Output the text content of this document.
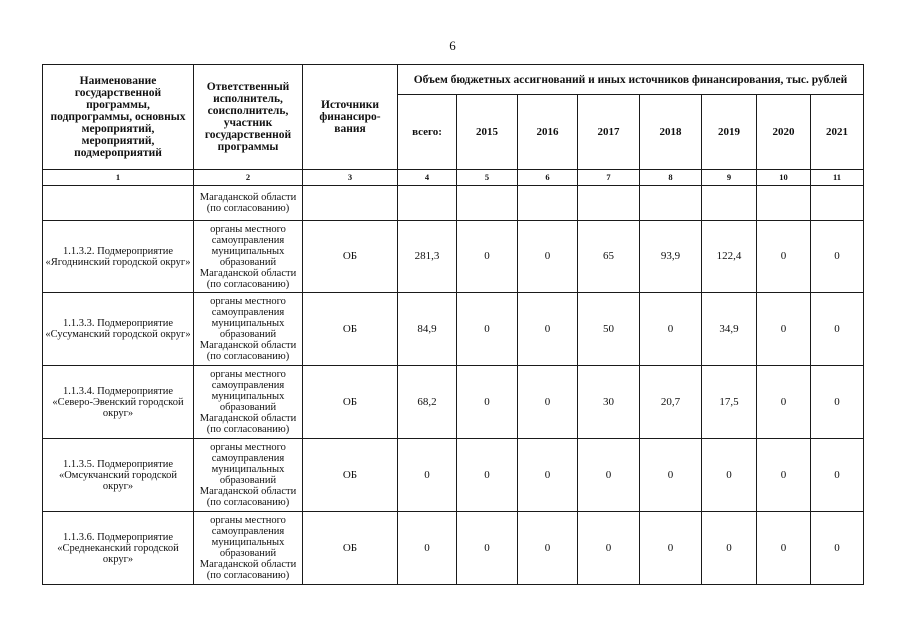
6
Наименование государственной программы, подпрограммы, основных мероприятий, мероприятий, подмероприятий	Ответственный исполнитель, соисполнитель, участник государственной программы	Источники финансиро-вания	Объем бюджетных ассигнований и иных источников финансирования, тыс. рублей							
			всего:	2015	2016	2017	2018	2019	2020	2021
1	2	3	4	5	6	7	8	9	10	11
	Магаданской области (по согласованию)									
1.1.3.2. Подмероприятие «Ягоднинский городской округ»	органы местного самоуправления муниципальных образований Магаданской области (по согласованию)	ОБ	281,3	0	0	65	93,9	122,4	0	0
1.1.3.3. Подмероприятие «Сусуманский городской округ»	органы местного самоуправления муниципальных образований Магаданской области (по согласованию)	ОБ	84,9	0	0	50	0	34,9	0	0
1.1.3.4. Подмероприятие «Северо-Эвенский городской округ»	органы местного самоуправления муниципальных образований Магаданской области (по согласованию)	ОБ	68,2	0	0	30	20,7	17,5	0	0
1.1.3.5. Подмероприятие «Омсукчанский городской округ»	органы местного самоуправления муниципальных образований Магаданской области (по согласованию)	ОБ	0	0	0	0	0	0	0	0
1.1.3.6. Подмероприятие «Среднеканский городской округ»	органы местного самоуправления муниципальных образований Магаданской области (по согласованию)	ОБ	0	0	0	0	0	0	0	0
